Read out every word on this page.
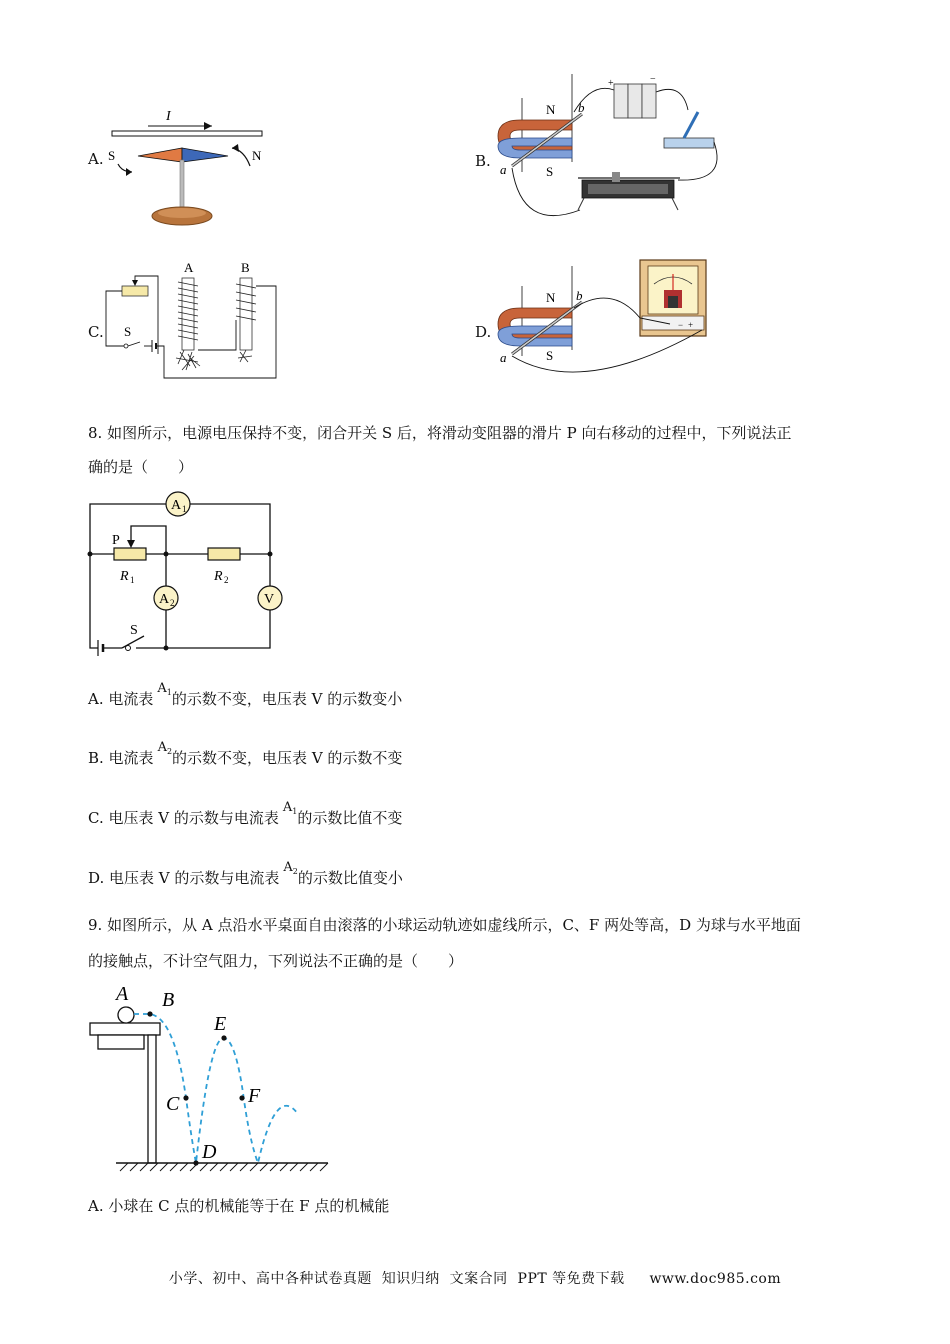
A.
I
S	N	B.
N
S
b
a
+	−
C.
A	B
S	D.
N
S
b
a
− +
8. 如图所示，电源电压保持不变，闭合开关 S 后，将滑动变阻器的滑片 P 向右移动的过程中，下列说法正
确的是（　　）
A 1
A 2	V
P
R 1	R 2
S
A. 电流表$A^1$的示数不变，电压表 V 的示数变小
B. 电流表$A^2$的示数不变，电压表 V 的示数不变
C. 电压表 V 的示数与电流表$A^1$的示数比值不变
D. 电压表 V 的示数与电流表$A^2$的示数比值变小
9. 如图所示，从 A 点沿水平桌面自由滚落的小球运动轨迹如虚线所示，C、F 两处等高，D 为球与水平地面
的接触点，不计空气阻力，下列说法不正确的是（　　）
A B
C
D
E
F
A. 小球在 C 点的机械能等于在 F 点的机械能
小学、初中、高中各种试卷真题  知识归纳  文案合同  PPT 等免费下载     www.doc985.com
